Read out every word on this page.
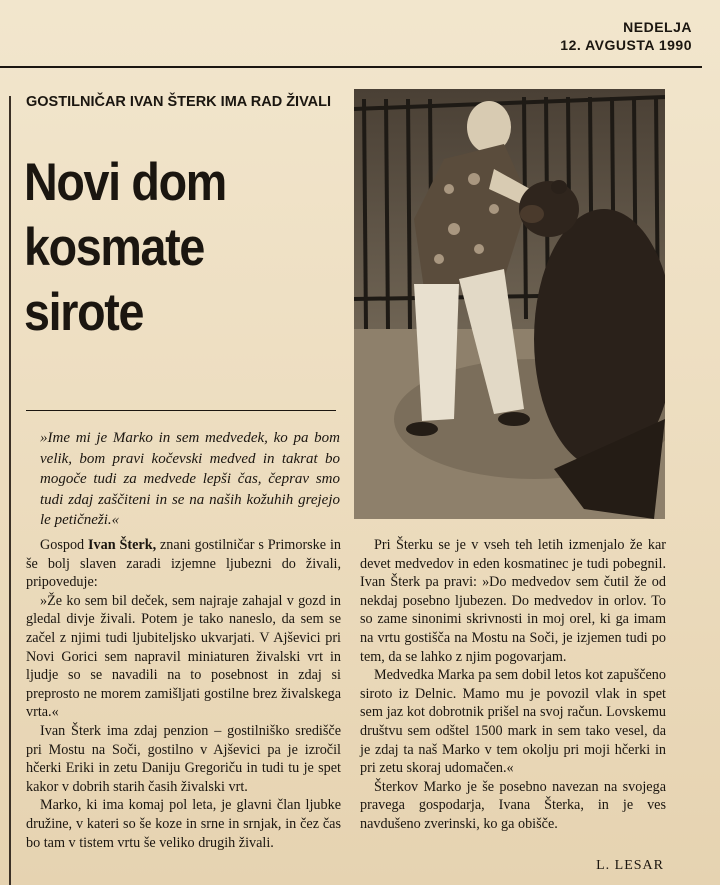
NEDELJA
12. AVGUSTA 1990
GOSTILNIČAR IVAN ŠTERK IMA RAD ŽIVALI
Novi dom
kosmate
sirote
»Ime mi je Marko in sem medvedek, ko pa bom velik, bom pravi kočevski medved in takrat bo mogoče tudi za medvede lepši čas, čeprav smo tudi zdaj zaščiteni in se na naših kožuhih grejejo le petičneži.«

Gospod Ivan Šterk, znani gostilničar s Primorske in še bolj slaven zaradi izjemne ljubezni do živali, pripoveduje:

»Že ko sem bil deček, sem najraje zahajal v gozd in gledal divje živali. Potem je tako naneslo, da sem se začel z njimi tudi ljubiteljsko ukvarjati. V Ajševici pri Novi Gorici sem napravil miniaturen živalski vrt in ljudje so se navadili na to posebnost in zdaj si preprosto ne morem zamišljati gostilne brez živalskega vrta.«

Ivan Šterk ima zdaj penzion – gostilniško središče pri Mostu na Soči, gostilno v Ajševici pa je izročil hčerki Eriki in zetu Daniju Gregoriču in tudi tu je spet kakor v dobrih starih časih živalski vrt.

Marko, ki ima komaj pol leta, je glavni član ljubke družine, v kateri so še koze in srne in srnjak, in čez čas bo tam v tistem vrtu še veliko drugih živali.

Pri Šterku se je v vseh teh letih izmenjalo že kar devet medvedov in eden kosmatinec je tudi pobegnil. Ivan Šterk pa pravi: »Do medvedov sem čutil že od nekdaj posebno ljubezen. Do medvedov in orlov. To so zame sinonimi skrivnosti in moj orel, ki ga imam na vrtu gostišča na Mostu na Soči, je izjemen tudi po tem, da se lahko z njim pogovarjam.

Medvedka Marka pa sem dobil letos kot zapuščeno siroto iz Delnic. Mamo mu je povozil vlak in spet sem jaz kot dobrotnik prišel na svoj račun. Lovskemu društvu sem odštel 1500 mark in sem tako vesel, da je zdaj ta naš Marko v tem okolju pri moji hčerki in pri zetu skoraj udomačen.«

Šterkov Marko je še posebno navezan na svojega pravega gospodarja, Ivana Šterka, in je ves navdušeno zverinski, ko ga obišče.

L. LESAR
